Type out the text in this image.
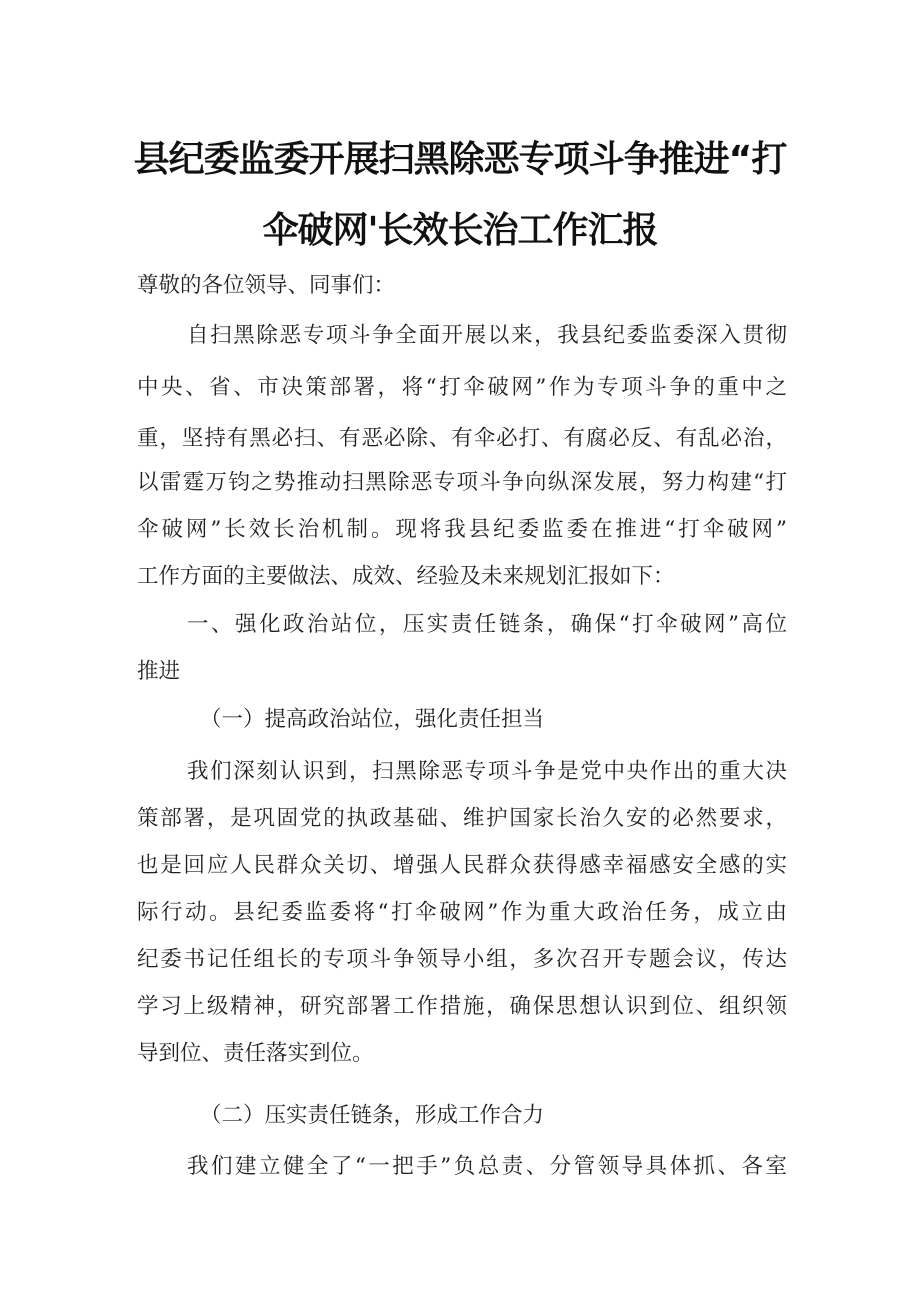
县纪委监委开展扫黑除恶专项斗争推进“打
伞破网'长效长治工作汇报
尊敬的各位领导、同事们：
自扫黑除恶专项斗争全面开展以来，我县纪委监委深入贯彻
中央、省、市决策部署，将“打伞破网”作为专项斗争的重中之
重，坚持有黑必扫、有恶必除、有伞必打、有腐必反、有乱必治，
以雷霆万钧之势推动扫黑除恶专项斗争向纵深发展，努力构建“打
伞破网”长效长治机制。现将我县纪委监委在推进“打伞破网”
工作方面的主要做法、成效、经验及未来规划汇报如下：
一、强化政治站位，压实责任链条，确保“打伞破网”高位
推进
（一）提高政治站位，强化责任担当
我们深刻认识到，扫黑除恶专项斗争是党中央作出的重大决
策部署，是巩固党的执政基础、维护国家长治久安的必然要求，
也是回应人民群众关切、增强人民群众获得感幸福感安全感的实
际行动。县纪委监委将“打伞破网”作为重大政治任务，成立由
纪委书记任组长的专项斗争领导小组，多次召开专题会议，传达
学习上级精神，研究部署工作措施，确保思想认识到位、组织领
导到位、责任落实到位。
（二）压实责任链条，形成工作合力
我们建立健全了“一把手”负总责、分管领导具体抓、各室
